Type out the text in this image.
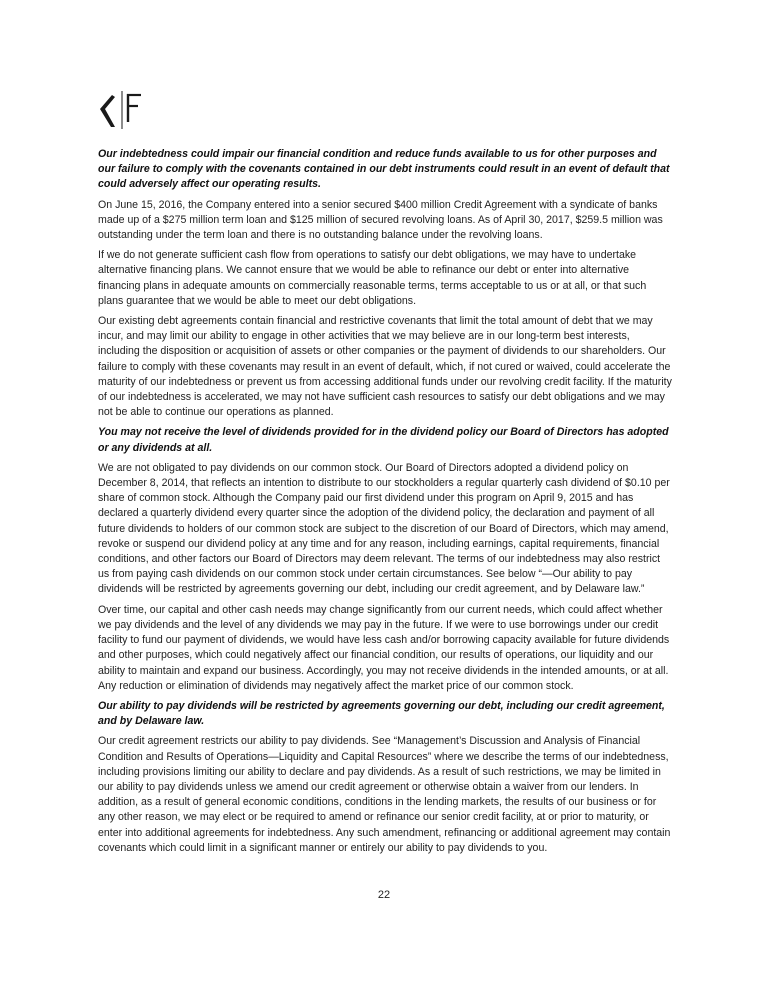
Our indebtedness could impair our financial condition and reduce funds available to us for other purposes and our failure to comply with the covenants contained in our debt instruments could result in an event of default that could adversely affect our operating results.

On June 15, 2016, the Company entered into a senior secured $400 million Credit Agreement with a syndicate of banks made up of a $275 million term loan and $125 million of secured revolving loans. As of April 30, 2017, $259.5 million was outstanding under the term loan and there is no outstanding balance under the revolving loans.

If we do not generate sufficient cash flow from operations to satisfy our debt obligations, we may have to undertake alternative financing plans. We cannot ensure that we would be able to refinance our debt or enter into alternative financing plans in adequate amounts on commercially reasonable terms, terms acceptable to us or at all, or that such plans guarantee that we would be able to meet our debt obligations.

Our existing debt agreements contain financial and restrictive covenants that limit the total amount of debt that we may incur, and may limit our ability to engage in other activities that we may believe are in our long-term best interests, including the disposition or acquisition of assets or other companies or the payment of dividends to our shareholders. Our failure to comply with these covenants may result in an event of default, which, if not cured or waived, could accelerate the maturity of our indebtedness or prevent us from accessing additional funds under our revolving credit facility. If the maturity of our indebtedness is accelerated, we may not have sufficient cash resources to satisfy our debt obligations and we may not be able to continue our operations as planned.

You may not receive the level of dividends provided for in the dividend policy our Board of Directors has adopted or any dividends at all.

We are not obligated to pay dividends on our common stock. Our Board of Directors adopted a dividend policy on December 8, 2014, that reflects an intention to distribute to our stockholders a regular quarterly cash dividend of $0.10 per share of common stock. Although the Company paid our first dividend under this program on April 9, 2015 and has declared a quarterly dividend every quarter since the adoption of the dividend policy, the declaration and payment of all future dividends to holders of our common stock are subject to the discretion of our Board of Directors, which may amend, revoke or suspend our dividend policy at any time and for any reason, including earnings, capital requirements, financial conditions, and other factors our Board of Directors may deem relevant. The terms of our indebtedness may also restrict us from paying cash dividends on our common stock under certain circumstances. See below “—Our ability to pay dividends will be restricted by agreements governing our debt, including our credit agreement, and by Delaware law.”

Over time, our capital and other cash needs may change significantly from our current needs, which could affect whether we pay dividends and the level of any dividends we may pay in the future. If we were to use borrowings under our credit facility to fund our payment of dividends, we would have less cash and/or borrowing capacity available for future dividends and other purposes, which could negatively affect our financial condition, our results of operations, our liquidity and our ability to maintain and expand our business. Accordingly, you may not receive dividends in the intended amounts, or at all. Any reduction or elimination of dividends may negatively affect the market price of our common stock.

Our ability to pay dividends will be restricted by agreements governing our debt, including our credit agreement, and by Delaware law.

Our credit agreement restricts our ability to pay dividends. See “Management’s Discussion and Analysis of Financial Condition and Results of Operations—Liquidity and Capital Resources” where we describe the terms of our indebtedness, including provisions limiting our ability to declare and pay dividends. As a result of such restrictions, we may be limited in our ability to pay dividends unless we amend our credit agreement or otherwise obtain a waiver from our lenders. In addition, as a result of general economic conditions, conditions in the lending markets, the results of our business or for any other reason, we may elect or be required to amend or refinance our senior credit facility, at or prior to maturity, or enter into additional agreements for indebtedness. Any such amendment, refinancing or additional agreement may contain covenants which could limit in a significant manner or entirely our ability to pay dividends to you.

22
